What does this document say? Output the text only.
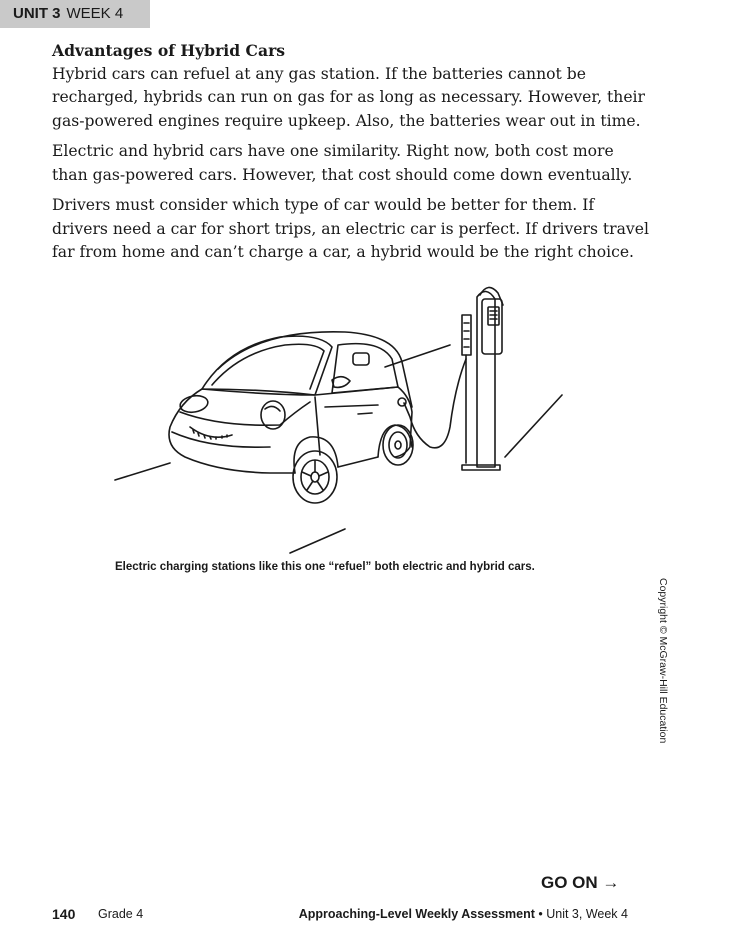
UNIT 3 WEEK 4
Advantages of Hybrid Cars

Hybrid cars can refuel at any gas station. If the batteries cannot be recharged, hybrids can run on gas for as long as necessary. However, their gas-powered engines require upkeep. Also, the batteries wear out in time.

Electric and hybrid cars have one similarity. Right now, both cost more than gas-powered cars. However, that cost should come down eventually.

Drivers must consider which type of car would be better for them. If drivers need a car for short trips, an electric car is perfect. If drivers travel far from home and can’t charge a car, a hybrid would be the right choice.

Electric charging stations like this one “refuel” both electric and hybrid cars.
Copyright © McGraw-Hill Education
GO ON →
140 Grade 4	Approaching-Level Weekly Assessment • Unit 3, Week 4
